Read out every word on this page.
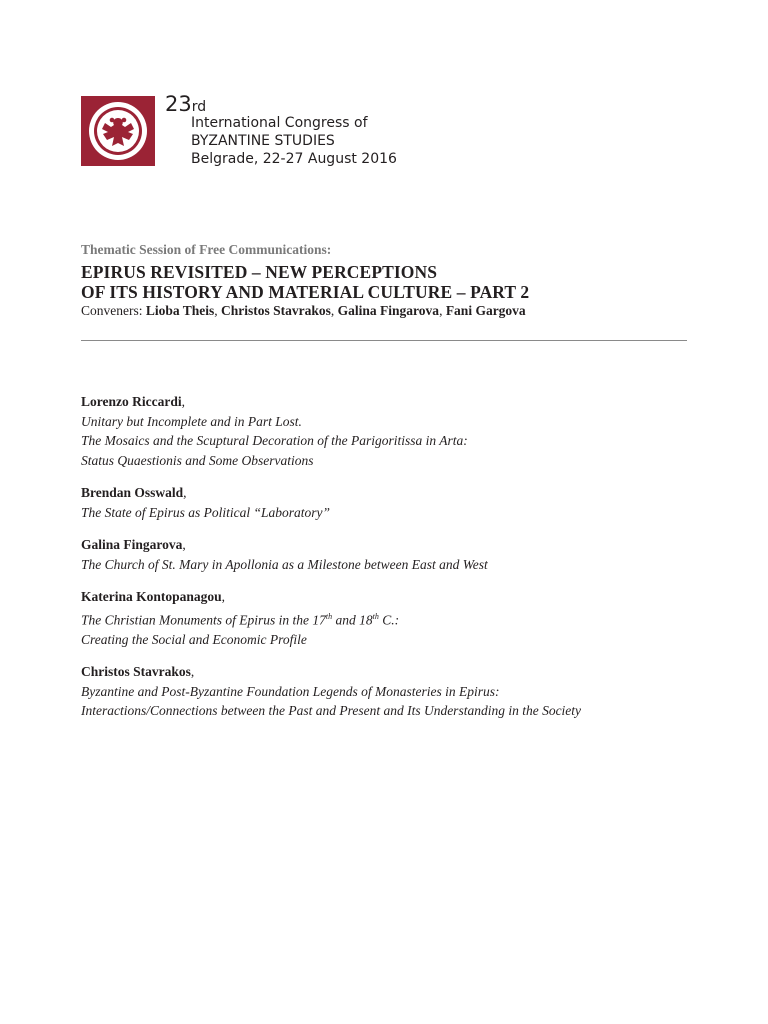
23rd
International Congress of
BYZANTINE STUDIES
Belgrade, 22-27 August 2016
Thematic Session of Free Communications:
EPIRUS REVISITED – NEW PERCEPTIONS
OF ITS HISTORY AND MATERIAL CULTURE – PART 2
Conveners: Lioba Theis, Christos Stavrakos, Galina Fingarova, Fani Gargova
Lorenzo Riccardi,
Unitary but Incomplete and in Part Lost.
The Mosaics and the Scuptural Decoration of the Parigoritissa in Arta:
Status Quaestionis and Some Observations
Brendan Osswald,
The State of Epirus as Political “Laboratory”
Galina Fingarova,
The Church of St. Mary in Apollonia as a Milestone between East and West
Katerina Kontopanagou,
The Christian Monuments of Epirus in the 17th and 18th C.:
Creating the Social and Economic Profile
Christos Stavrakos,
Byzantine and Post-Byzantine Foundation Legends of Monasteries in Epirus:
Interactions/Connections between the Past and Present and Its Understanding in the Society
